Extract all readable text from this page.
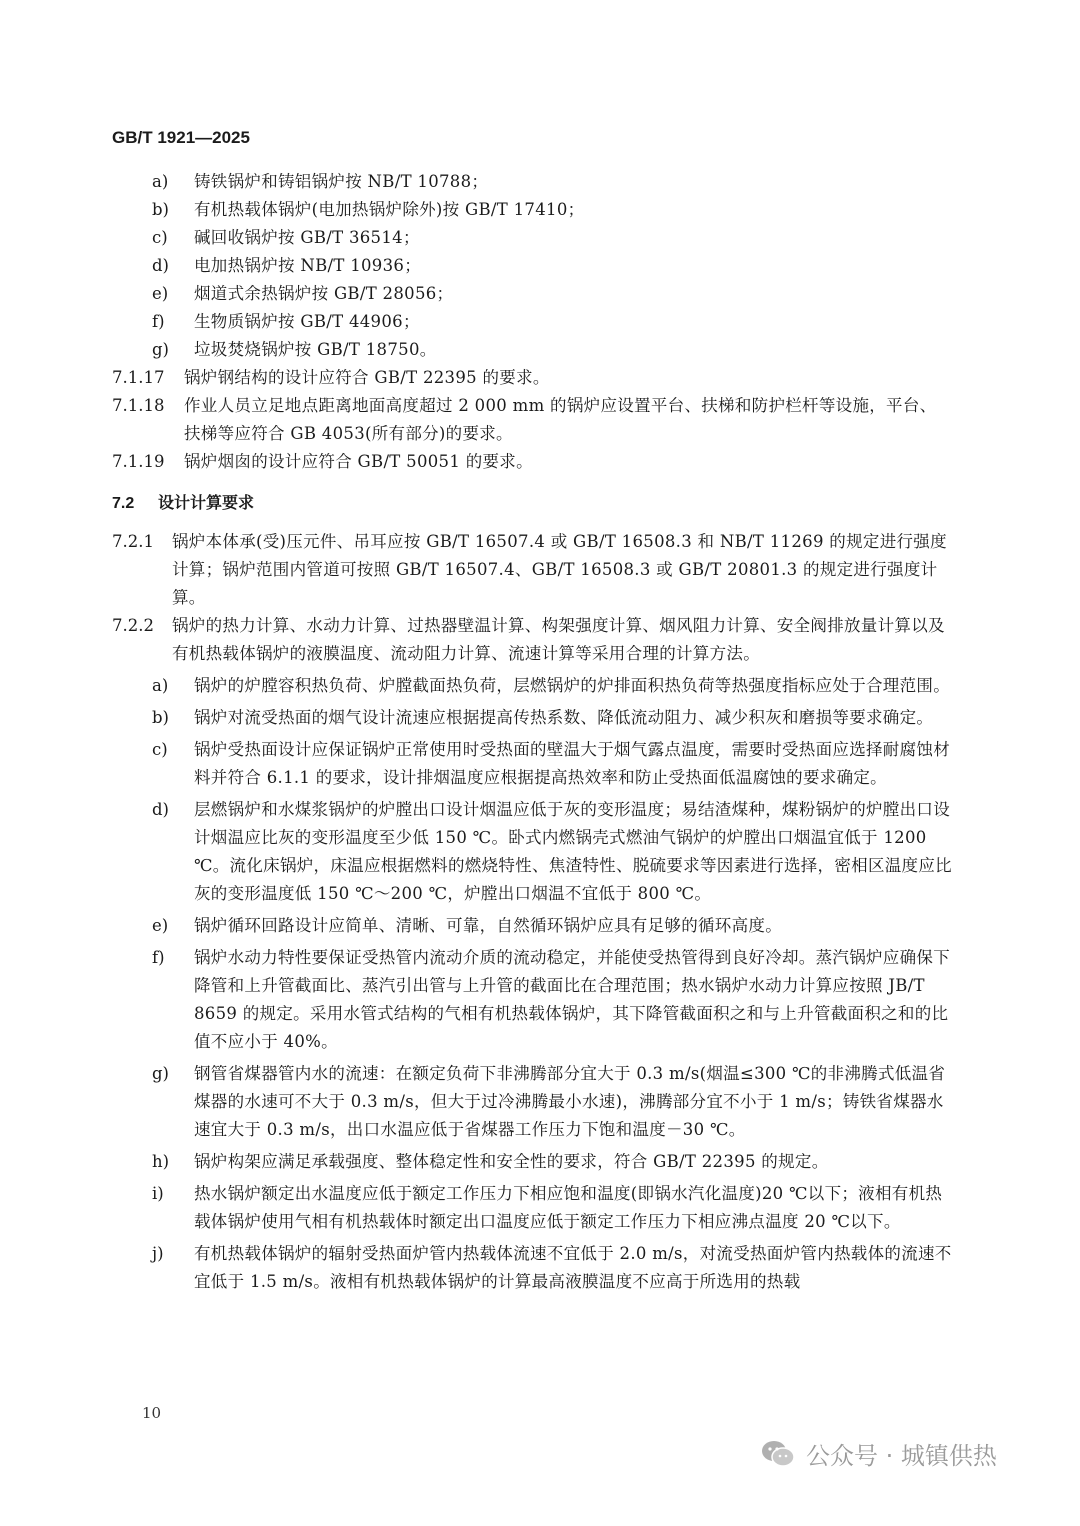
GB/T 1921—2025
a)	铸铁锅炉和铸铝锅炉按 NB/T 10788；
b)	有机热载体锅炉(电加热锅炉除外)按 GB/T 17410；
c)	碱回收锅炉按 GB/T 36514；
d)	电加热锅炉按 NB/T 10936；
e)	烟道式余热锅炉按 GB/T 28056；
f)	生物质锅炉按 GB/T 44906；
g)	垃圾焚烧锅炉按 GB/T 18750。
7.1.17	锅炉钢结构的设计应符合 GB/T 22395 的要求。
7.1.18	作业人员立足地点距离地面高度超过 2 000 mm 的锅炉应设置平台、扶梯和防护栏杆等设施，平台、扶梯等应符合 GB 4053(所有部分)的要求。
7.1.19	锅炉烟囱的设计应符合 GB/T 50051 的要求。
7.2 设计计算要求
7.2.1	锅炉本体承(受)压元件、吊耳应按 GB/T 16507.4 或 GB/T 16508.3 和 NB/T 11269 的规定进行强度计算；锅炉范围内管道可按照 GB/T 16507.4、GB/T 16508.3 或 GB/T 20801.3 的规定进行强度计算。
7.2.2	锅炉的热力计算、水动力计算、过热器壁温计算、构架强度计算、烟风阻力计算、安全阀排放量计算以及有机热载体锅炉的液膜温度、流动阻力计算、流速计算等采用合理的计算方法。
a)	锅炉的炉膛容积热负荷、炉膛截面热负荷，层燃锅炉的炉排面积热负荷等热强度指标应处于合理范围。
b)	锅炉对流受热面的烟气设计流速应根据提高传热系数、降低流动阻力、减少积灰和磨损等要求确定。
c)	锅炉受热面设计应保证锅炉正常使用时受热面的壁温大于烟气露点温度，需要时受热面应选择耐腐蚀材料并符合 6.1.1 的要求，设计排烟温度应根据提高热效率和防止受热面低温腐蚀的要求确定。
d)	层燃锅炉和水煤浆锅炉的炉膛出口设计烟温应低于灰的变形温度；易结渣煤种，煤粉锅炉的炉膛出口设计烟温应比灰的变形温度至少低 150 ℃。卧式内燃锅壳式燃油气锅炉的炉膛出口烟温宜低于 1200 ℃。流化床锅炉，床温应根据燃料的燃烧特性、焦渣特性、脱硫要求等因素进行选择，密相区温度应比灰的变形温度低 150 ℃～200 ℃，炉膛出口烟温不宜低于 800 ℃。
e)	锅炉循环回路设计应简单、清晰、可靠，自然循环锅炉应具有足够的循环高度。
f)	锅炉水动力特性要保证受热管内流动介质的流动稳定，并能使受热管得到良好冷却。蒸汽锅炉应确保下降管和上升管截面比、蒸汽引出管与上升管的截面比在合理范围；热水锅炉水动力计算应按照 JB/T 8659 的规定。采用水管式结构的气相有机热载体锅炉，其下降管截面积之和与上升管截面积之和的比值不应小于 40%。
g)	钢管省煤器管内水的流速：在额定负荷下非沸腾部分宜大于 0.3 m/s(烟温≤300 ℃的非沸腾式低温省煤器的水速可不大于 0.3 m/s，但大于过冷沸腾最小水速)，沸腾部分宜不小于 1 m/s；铸铁省煤器水速宜大于 0.3 m/s，出口水温应低于省煤器工作压力下饱和温度－30 ℃。
h)	锅炉构架应满足承载强度、整体稳定性和安全性的要求，符合 GB/T 22395 的规定。
i)	热水锅炉额定出水温度应低于额定工作压力下相应饱和温度(即锅水汽化温度)20 ℃以下；液相有机热载体锅炉使用气相有机热载体时额定出口温度应低于额定工作压力下相应沸点温度 20 ℃以下。
j)	有机热载体锅炉的辐射受热面炉管内热载体流速不宜低于 2.0 m/s，对流受热面炉管内热载体的流速不宜低于 1.5 m/s。液相有机热载体锅炉的计算最高液膜温度不应高于所选用的热载
10
公众号 · 城镇供热
